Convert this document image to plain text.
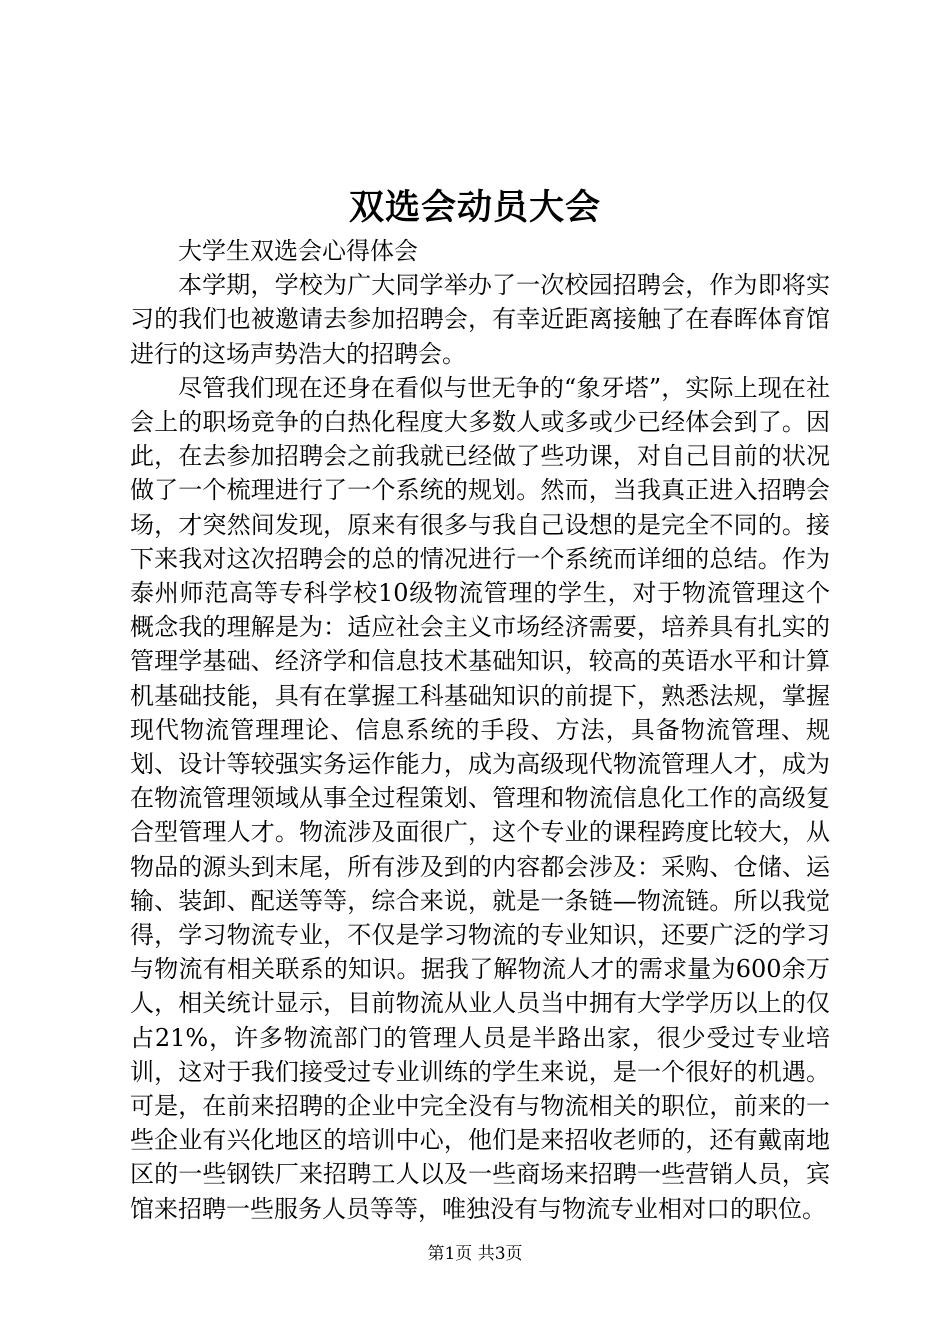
双选会动员大会

大学生双选会心得体会

本学期，学校为广大同学举办了一次校园招聘会，作为即将实习的我们也被邀请去参加招聘会，有幸近距离接触了在春晖体育馆进行的这场声势浩大的招聘会。

尽管我们现在还身在看似与世无争的“象牙塔”，实际上现在社会上的职场竞争的白热化程度大多数人或多或少已经体会到了。因此，在去参加招聘会之前我就已经做了些功课，对自己目前的状况做了一个梳理进行了一个系统的规划。然而，当我真正进入招聘会场，才突然间发现，原来有很多与我自己设想的是完全不同的。接下来我对这次招聘会的总的情况进行一个系统而详细的总结。作为泰州师范高等专科学校10级物流管理的学生，对于物流管理这个概念我的理解是为：适应社会主义市场经济需要，培养具有扎实的管理学基础、经济学和信息技术基础知识，较高的英语水平和计算机基础技能，具有在掌握工科基础知识的前提下，熟悉法规，掌握现代物流管理理论、信息系统的手段、方法，具备物流管理、规划、设计等较强实务运作能力，成为高级现代物流管理人才，成为在物流管理领域从事全过程策划、管理和物流信息化工作的高级复合型管理人才。物流涉及面很广，这个专业的课程跨度比较大，从物品的源头到末尾，所有涉及到的内容都会涉及：采购、仓储、运输、装卸、配送等等，综合来说，就是一条链—物流链。所以我觉得，学习物流专业，不仅是学习物流的专业知识，还要广泛的学习与物流有相关联系的知识。据我了解物流人才的需求量为600余万人，相关统计显示，目前物流从业人员当中拥有大学学历以上的仅占21%，许多物流部门的管理人员是半路出家，很少受过专业培训，这对于我们接受过专业训练的学生来说，是一个很好的机遇。可是，在前来招聘的企业中完全没有与物流相关的职位，前来的一些企业有兴化地区的培训中心，他们是来招收老师的，还有戴南地区的一些钢铁厂来招聘工人以及一些商场来招聘一些营销人员，宾馆来招聘一些服务人员等等，唯独没有与物流专业相对口的职位。

第1页 共3页
